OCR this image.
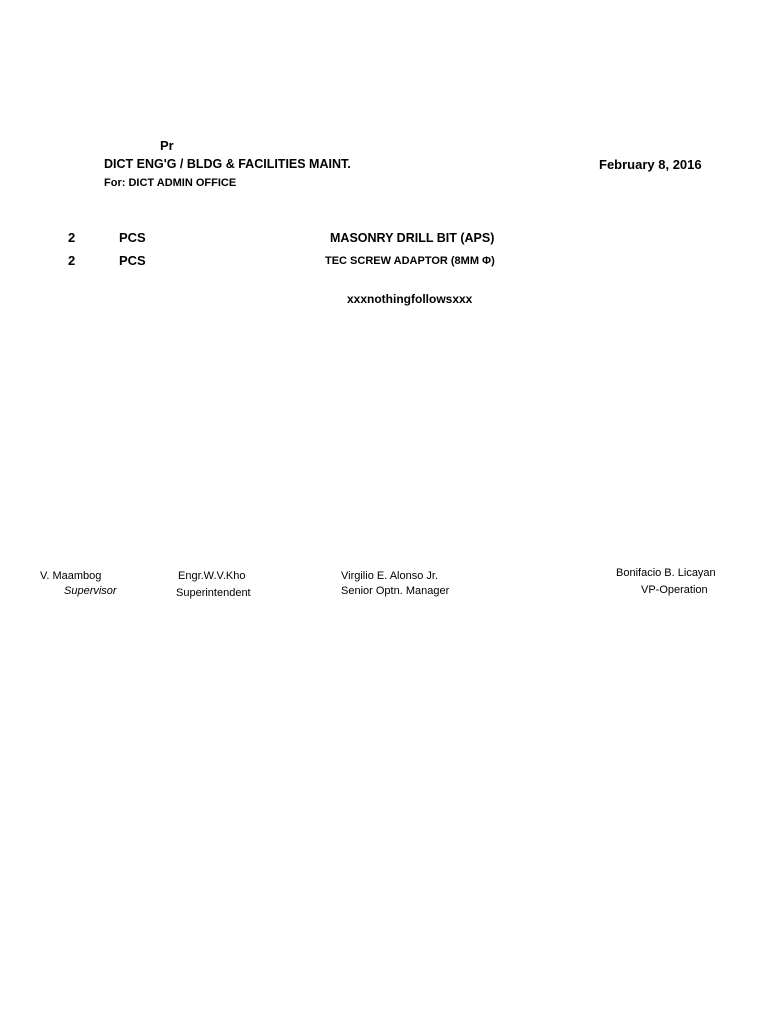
Pr
DICT ENG'G / BLDG & FACILITIES MAINT.	February 8, 2016
For: DICT ADMIN OFFICE
2	PCS	MASONRY DRILL BIT (APS)
2	PCS	TEC SCREW ADAPTOR (8MM Φ)
xxxnothingfollowsxxx
V. Maambog
Supervisor
Engr.W.V.Kho
Superintendent
Virgilio E. Alonso Jr.
Senior Optn. Manager
Bonifacio B. Licayan
VP-Operation
